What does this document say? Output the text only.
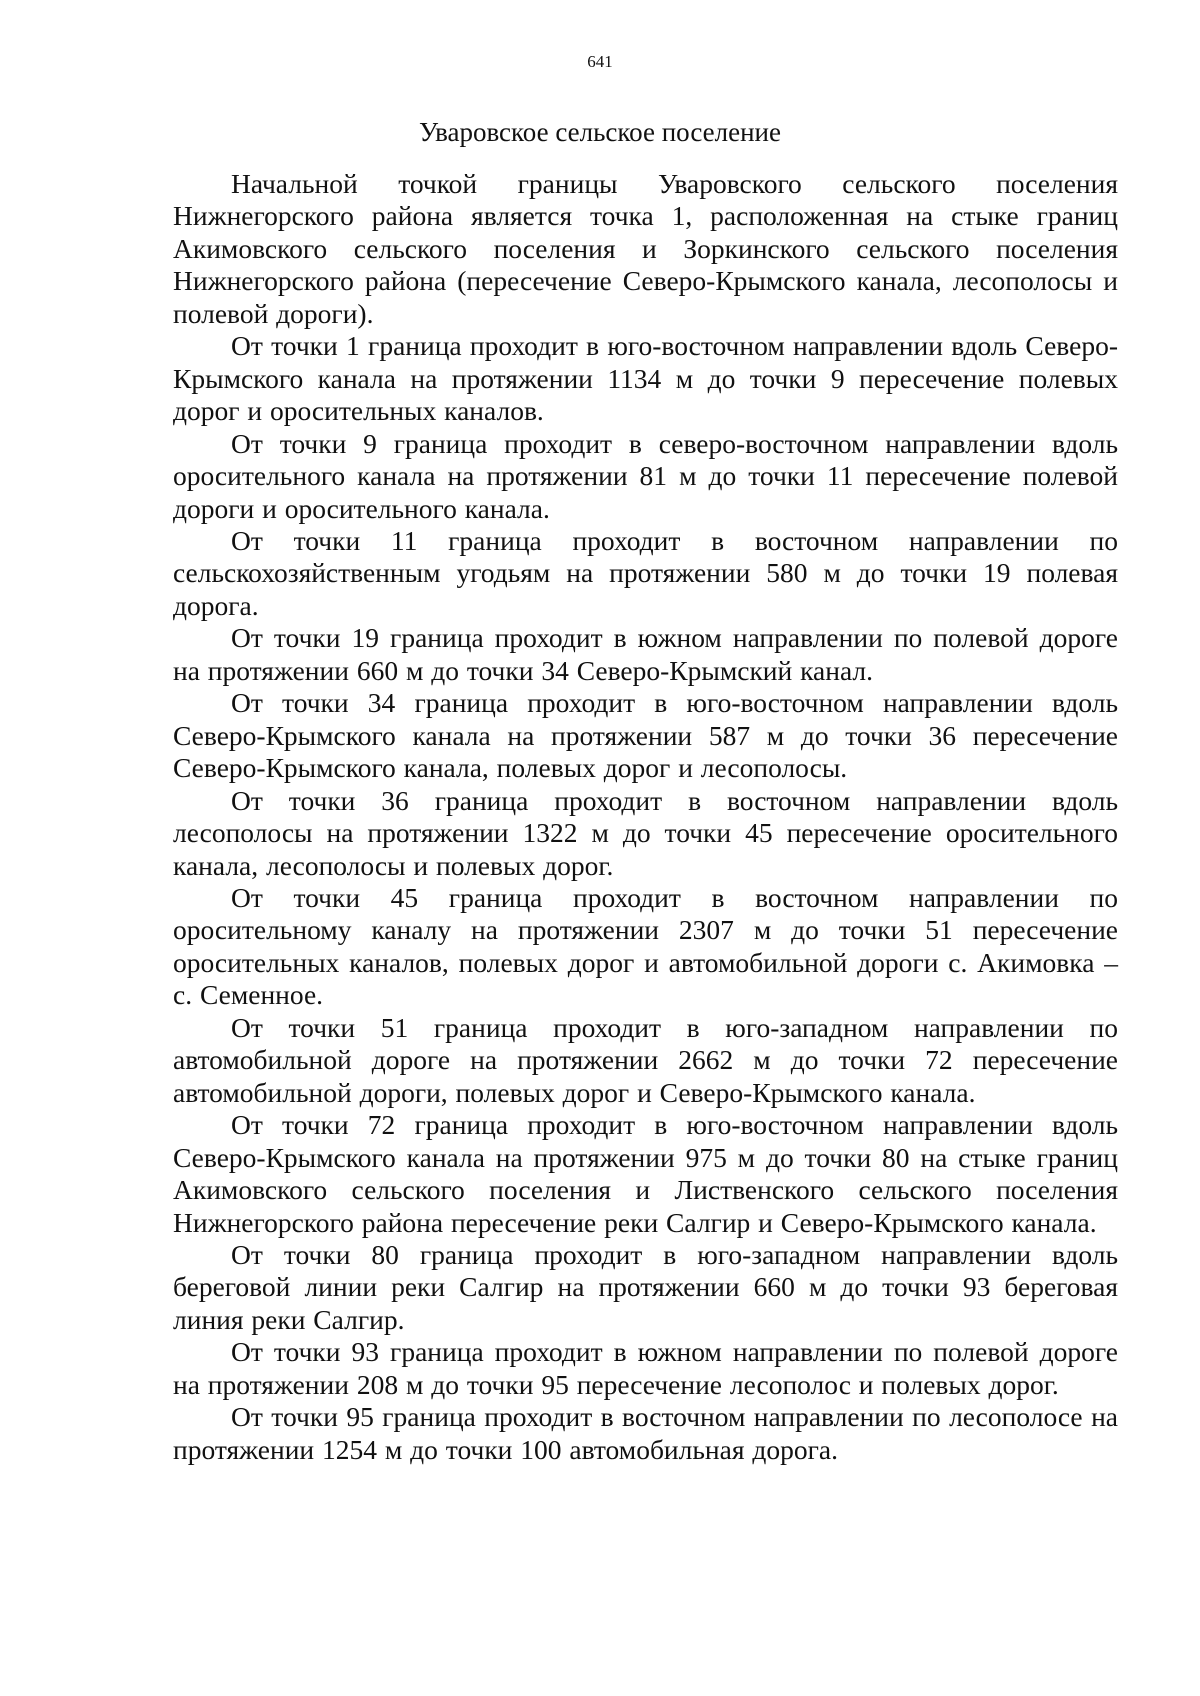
641
Уваровское сельское поселение

Начальной точкой границы Уваровского сельского поселения Нижнегорского района является точка 1, расположенная на стыке границ Акимовского сельского поселения и Зоркинского сельского поселения Нижнегорского района (пересечение Северо-Крымского канала, лесополосы и полевой дороги).

От точки 1 граница проходит в юго-восточном направлении вдоль Северо-Крымского канала на протяжении 1134 м до точки 9 пересечение полевых дорог и оросительных каналов.

От точки 9 граница проходит в северо-восточном направлении вдоль оросительного канала на протяжении 81 м до точки 11 пересечение полевой дороги и оросительного канала.

От точки 11 граница проходит в восточном направлении по сельскохозяйственным угодьям на протяжении 580 м до точки 19 полевая дорога.

От точки 19 граница проходит в южном направлении по полевой дороге на протяжении 660 м до точки 34 Северо-Крымский канал.

От точки 34 граница проходит в юго-восточном направлении вдоль Северо-Крымского канала на протяжении 587 м до точки 36 пересечение Северо-Крымского канала, полевых дорог и лесополосы.

От точки 36 граница проходит в восточном направлении вдоль лесополосы на протяжении 1322 м до точки 45 пересечение оросительного канала, лесополосы и полевых дорог.

От точки 45 граница проходит в восточном направлении по оросительному каналу на протяжении 2307 м до точки 51 пересечение оросительных каналов, полевых дорог и автомобильной дороги с. Акимовка – с. Семенное.

От точки 51 граница проходит в юго-западном направлении по автомобильной дороге на протяжении 2662 м до точки 72 пересечение автомобильной дороги, полевых дорог и Северо-Крымского канала.

От точки 72 граница проходит в юго-восточном направлении вдоль Северо-Крымского канала на протяжении 975 м до точки 80 на стыке границ Акимовского сельского поселения и Лиственского сельского поселения Нижнегорского района пересечение реки Салгир и Северо-Крымского канала.

От точки 80 граница проходит в юго-западном направлении вдоль береговой линии реки Салгир на протяжении 660 м до точки 93 береговая линия реки Салгир.

От точки 93 граница проходит в южном направлении по полевой дороге на протяжении 208 м до точки 95 пересечение лесополос и полевых дорог.

От точки 95 граница проходит в восточном направлении по лесополосе на протяжении 1254 м до точки 100 автомобильная дорога.
